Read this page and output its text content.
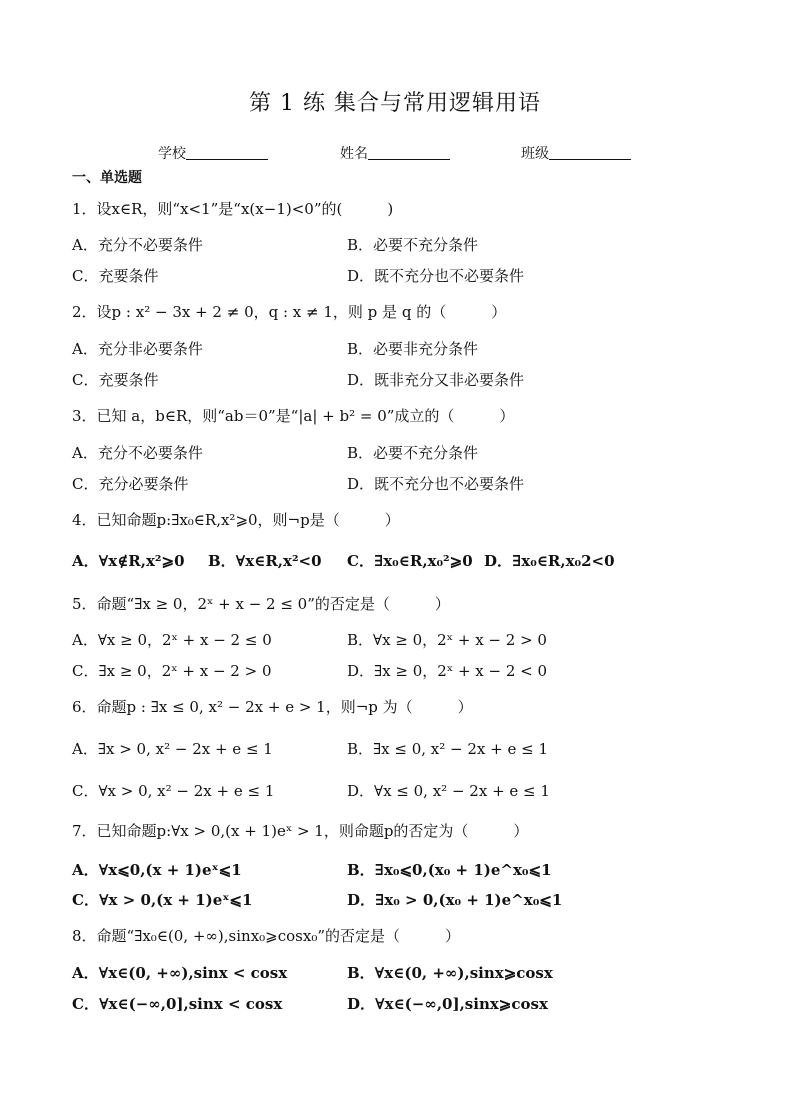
第 1 练 集合与常用逻辑用语
学校	姓名	班级
一、单选题
1．设x∈R，则“x<1”是“x(x−1)<0”的(　　　)
A．充分不必要条件	B．必要不充分条件
C．充要条件	D．既不充分也不必要条件
2．设p : x² − 3x + 2 ≠ 0，q : x ≠ 1，则 p 是 q 的（　　　）
A．充分非必要条件	B．必要非充分条件
C．充要条件	D．既非充分又非必要条件
3．已知 a，b∈R，则“ab＝0”是“|a| + b² = 0”成立的（　　　）
A．充分不必要条件	B．必要不充分条件
C．充分必要条件	D．既不充分也不必要条件
4．已知命题p:∃x₀∈R,x²⩾0，则¬p是（　　　）
A．∀x∉R,x²⩾0 B．∀x∈R,x²<0 C．∃x₀∈R,x₀²⩾0 D．∃x₀∈R,x₀2<0
5．命题“∃x ≥ 0，2ˣ + x − 2 ≤ 0”的否定是（　　　）
A．∀x ≥ 0，2ˣ + x − 2 ≤ 0	B．∀x ≥ 0，2ˣ + x − 2 > 0
C．∃x ≥ 0，2ˣ + x − 2 > 0	D．∃x ≥ 0，2ˣ + x − 2 < 0
6．命题p : ∃x ≤ 0, x² − 2x + e > 1，则¬p 为（　　　）
A．∃x > 0, x² − 2x + e ≤ 1	B．∃x ≤ 0, x² − 2x + e ≤ 1
C．∀x > 0, x² − 2x + e ≤ 1	D．∀x ≤ 0, x² − 2x + e ≤ 1
7．已知命题p:∀x > 0,(x + 1)eˣ > 1，则命题p的否定为（　　　）
A．∀x⩽0,(x + 1)eˣ⩽1	B．∃x₀⩽0,(x₀ + 1)e^x₀⩽1
C．∀x > 0,(x + 1)eˣ⩽1	D．∃x₀ > 0,(x₀ + 1)e^x₀⩽1
8．命题“∃x₀∈(0, +∞),sinx₀⩾cosx₀”的否定是（　　　）
A．∀x∈(0, +∞),sinx < cosx	B．∀x∈(0, +∞),sinx⩾cosx
C．∀x∈(−∞,0],sinx < cosx	D．∀x∈(−∞,0],sinx⩾cosx
